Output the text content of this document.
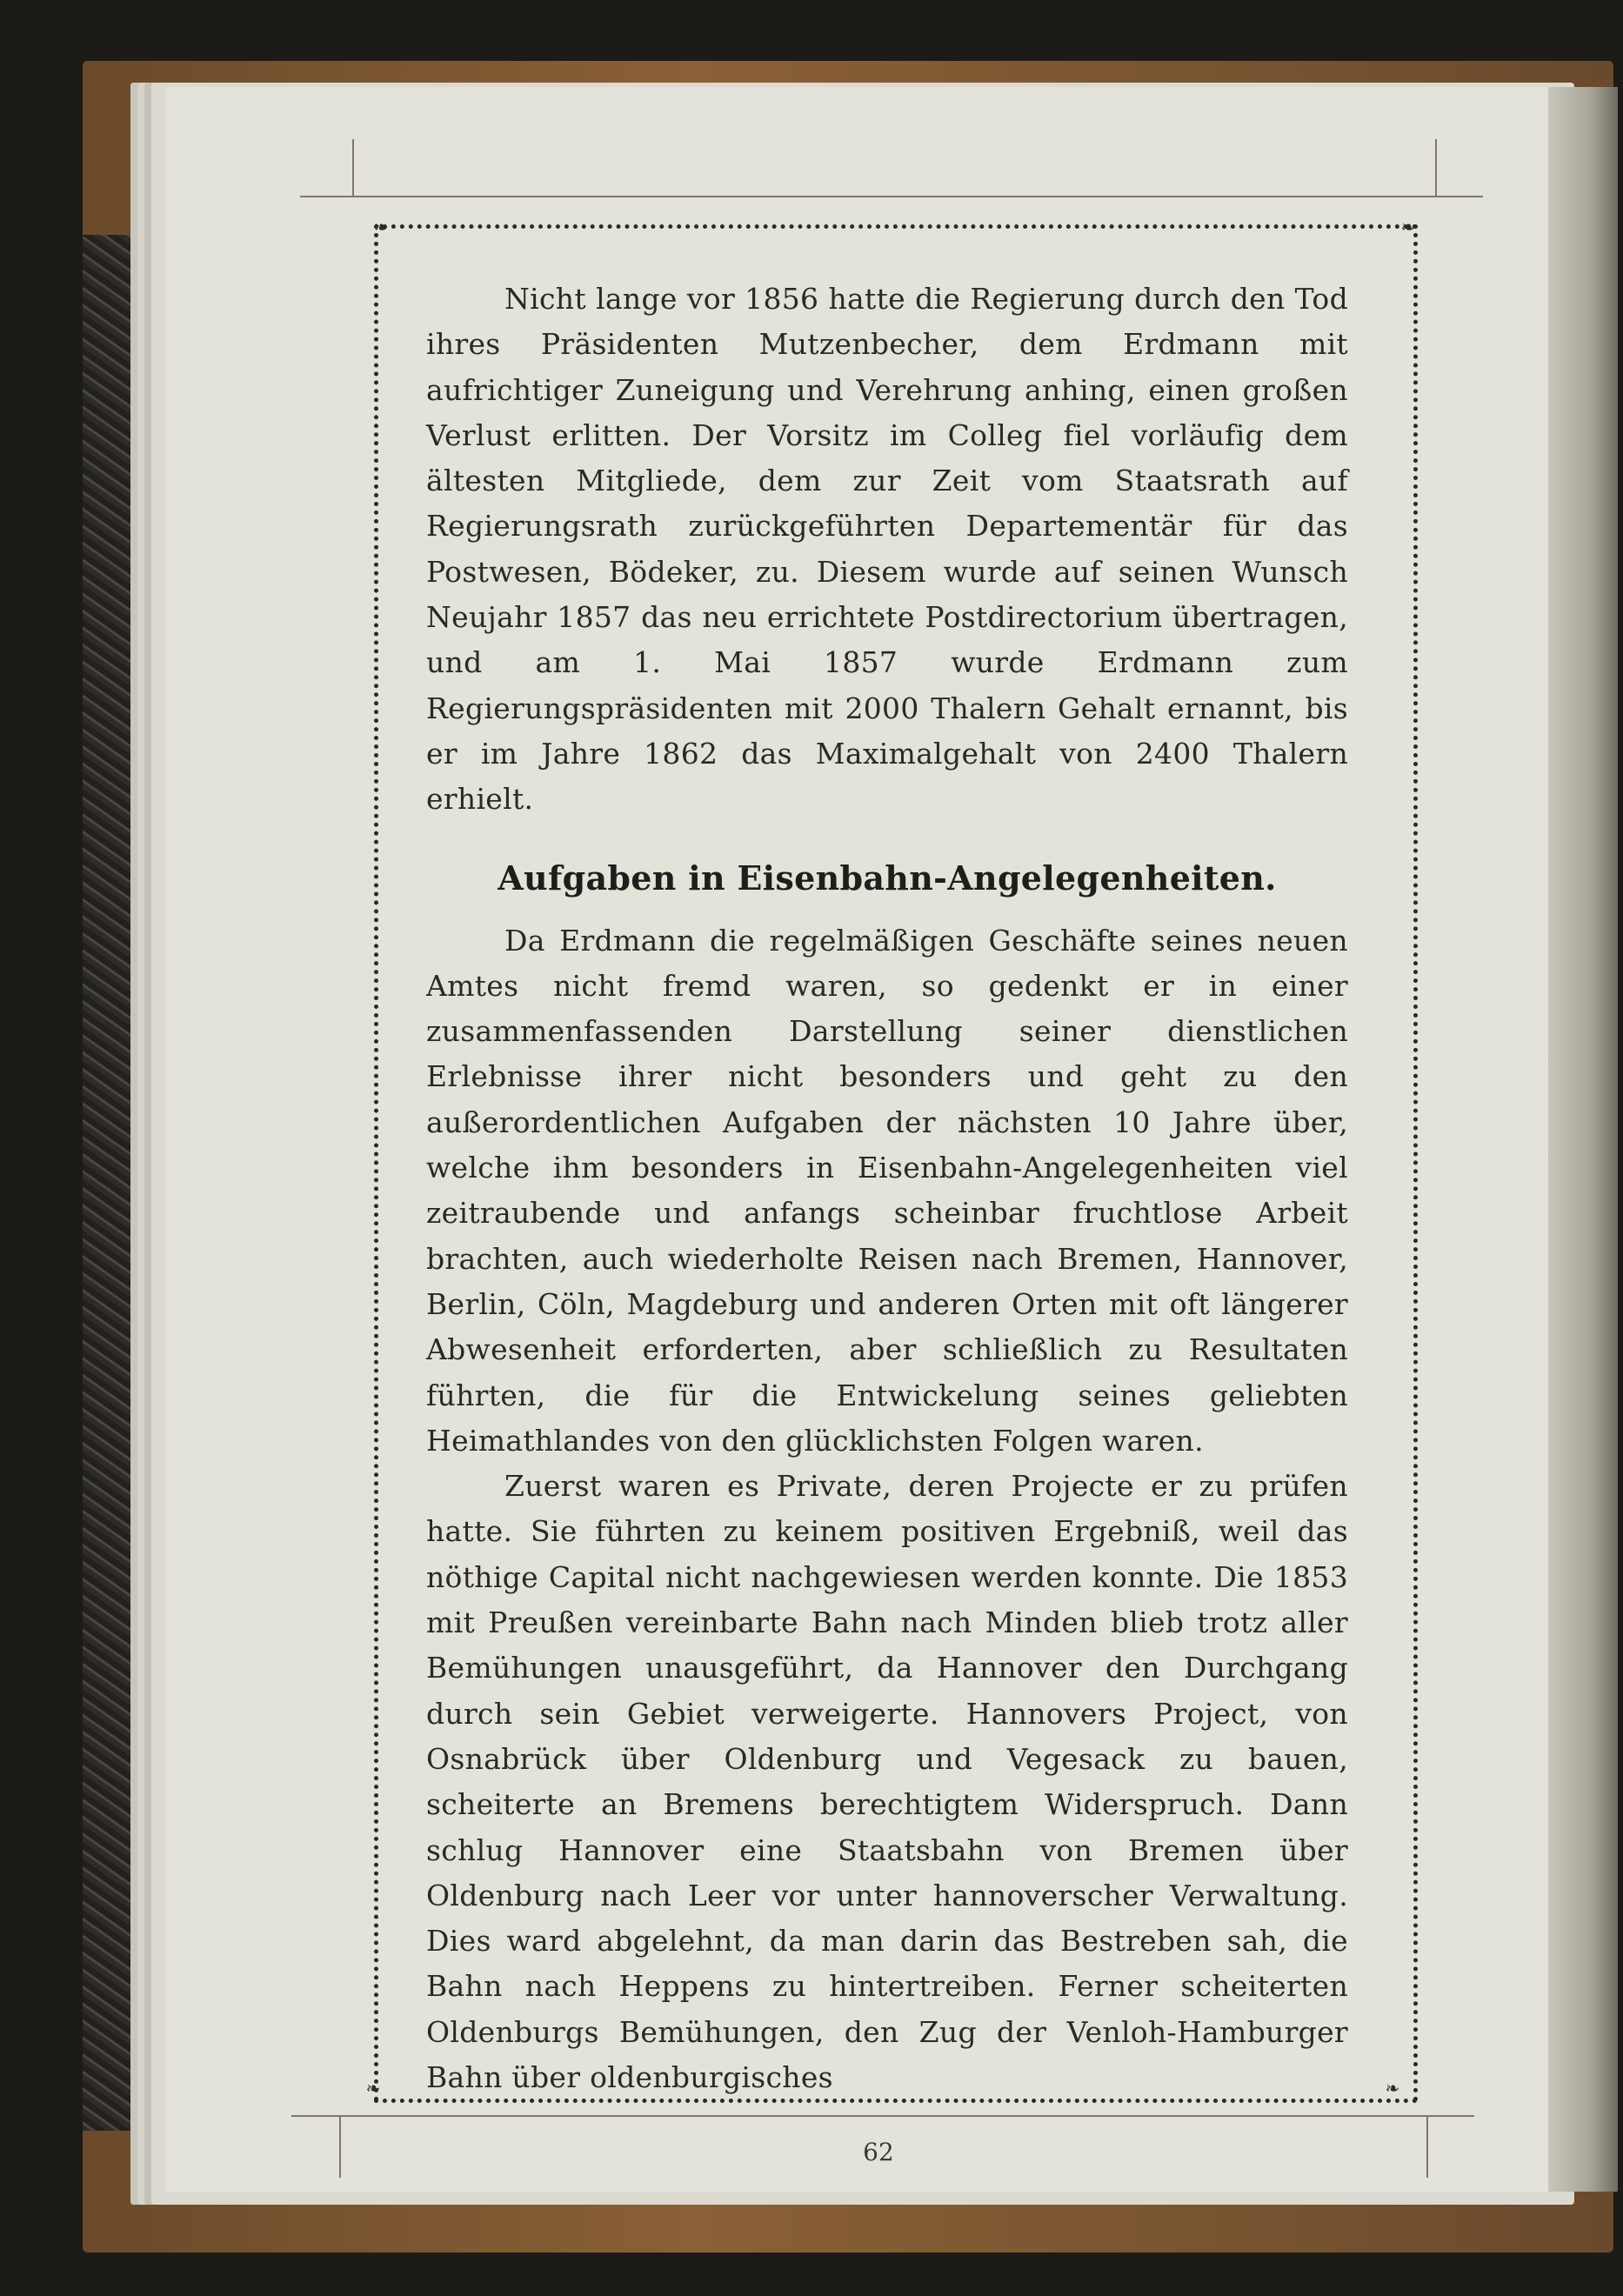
❧	❧
❧	❧

Nicht lange vor 1856 hatte die Regierung durch den Tod ihres Präsidenten Mutzenbecher, dem Erdmann mit aufrichtiger Zuneigung und Verehrung anhing, einen großen Verlust erlitten. Der Vorsitz im Colleg fiel vorläufig dem ältesten Mitgliede, dem zur Zeit vom Staatsrath auf Regierungsrath zurückgeführten Departementär für das Postwesen, Bödeker, zu. Diesem wurde auf seinen Wunsch Neujahr 1857 das neu errichtete Postdirectorium übertragen, und am 1. Mai 1857 wurde Erdmann zum Regierungspräsidenten mit 2000 Thalern Gehalt ernannt, bis er im Jahre 1862 das Maximalgehalt von 2400 Thalern erhielt.

Aufgaben in Eisenbahn-Angelegenheiten.

Da Erdmann die regelmäßigen Geschäfte seines neuen Amtes nicht fremd waren, so gedenkt er in einer zusammenfassenden Darstellung seiner dienstlichen Erlebnisse ihrer nicht besonders und geht zu den außerordentlichen Aufgaben der nächsten 10 Jahre über, welche ihm besonders in Eisenbahn-Angelegenheiten viel zeitraubende und anfangs scheinbar fruchtlose Arbeit brachten, auch wiederholte Reisen nach Bremen, Hannover, Berlin, Cöln, Magdeburg und anderen Orten mit oft längerer Abwesenheit erforderten, aber schließlich zu Resultaten führten, die für die Entwickelung seines geliebten Heimathlandes von den glücklichsten Folgen waren.

Zuerst waren es Private, deren Projecte er zu prüfen hatte. Sie führten zu keinem positiven Ergebniß, weil das nöthige Capital nicht nachgewiesen werden konnte. Die 1853 mit Preußen vereinbarte Bahn nach Minden blieb trotz aller Bemühungen unausgeführt, da Hannover den Durchgang durch sein Gebiet verweigerte. Hannovers Project, von Osnabrück über Oldenburg und Vegesack zu bauen, scheiterte an Bremens berechtigtem Widerspruch. Dann schlug Hannover eine Staatsbahn von Bremen über Oldenburg nach Leer vor unter hannoverscher Verwaltung. Dies ward abgelehnt, da man darin das Bestreben sah, die Bahn nach Heppens zu hintertreiben. Ferner scheiterten Oldenburgs Bemühungen, den Zug der Venloh-Hamburger Bahn über oldenburgisches

62
